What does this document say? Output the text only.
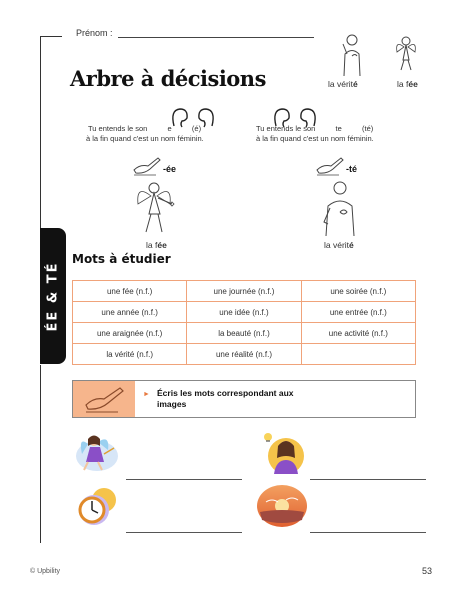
ÉE & TÉ
Prénom :
Arbre à décisions	la vérité	la fée
Tu entends le son	e	(é)
à la fin quand c'est un nom féminin.
Tu entends le son	te	(té)
à la fin quand c'est un nom féminin.
-ée
la fée
-té
la vérité
Mots à étudier
une fée (n.f.)	une journée (n.f.)	une soirée (n.f.)
une année (n.f.)	une idée (n.f.)	une entrée (n.f.)
une araignée (n.f.)	la beauté (n.f.)	une activité (n.f.)
la vérité (n.f.)	une réalité (n.f.)	
► Écris les mots correspondant aux images
© Upbility	53
